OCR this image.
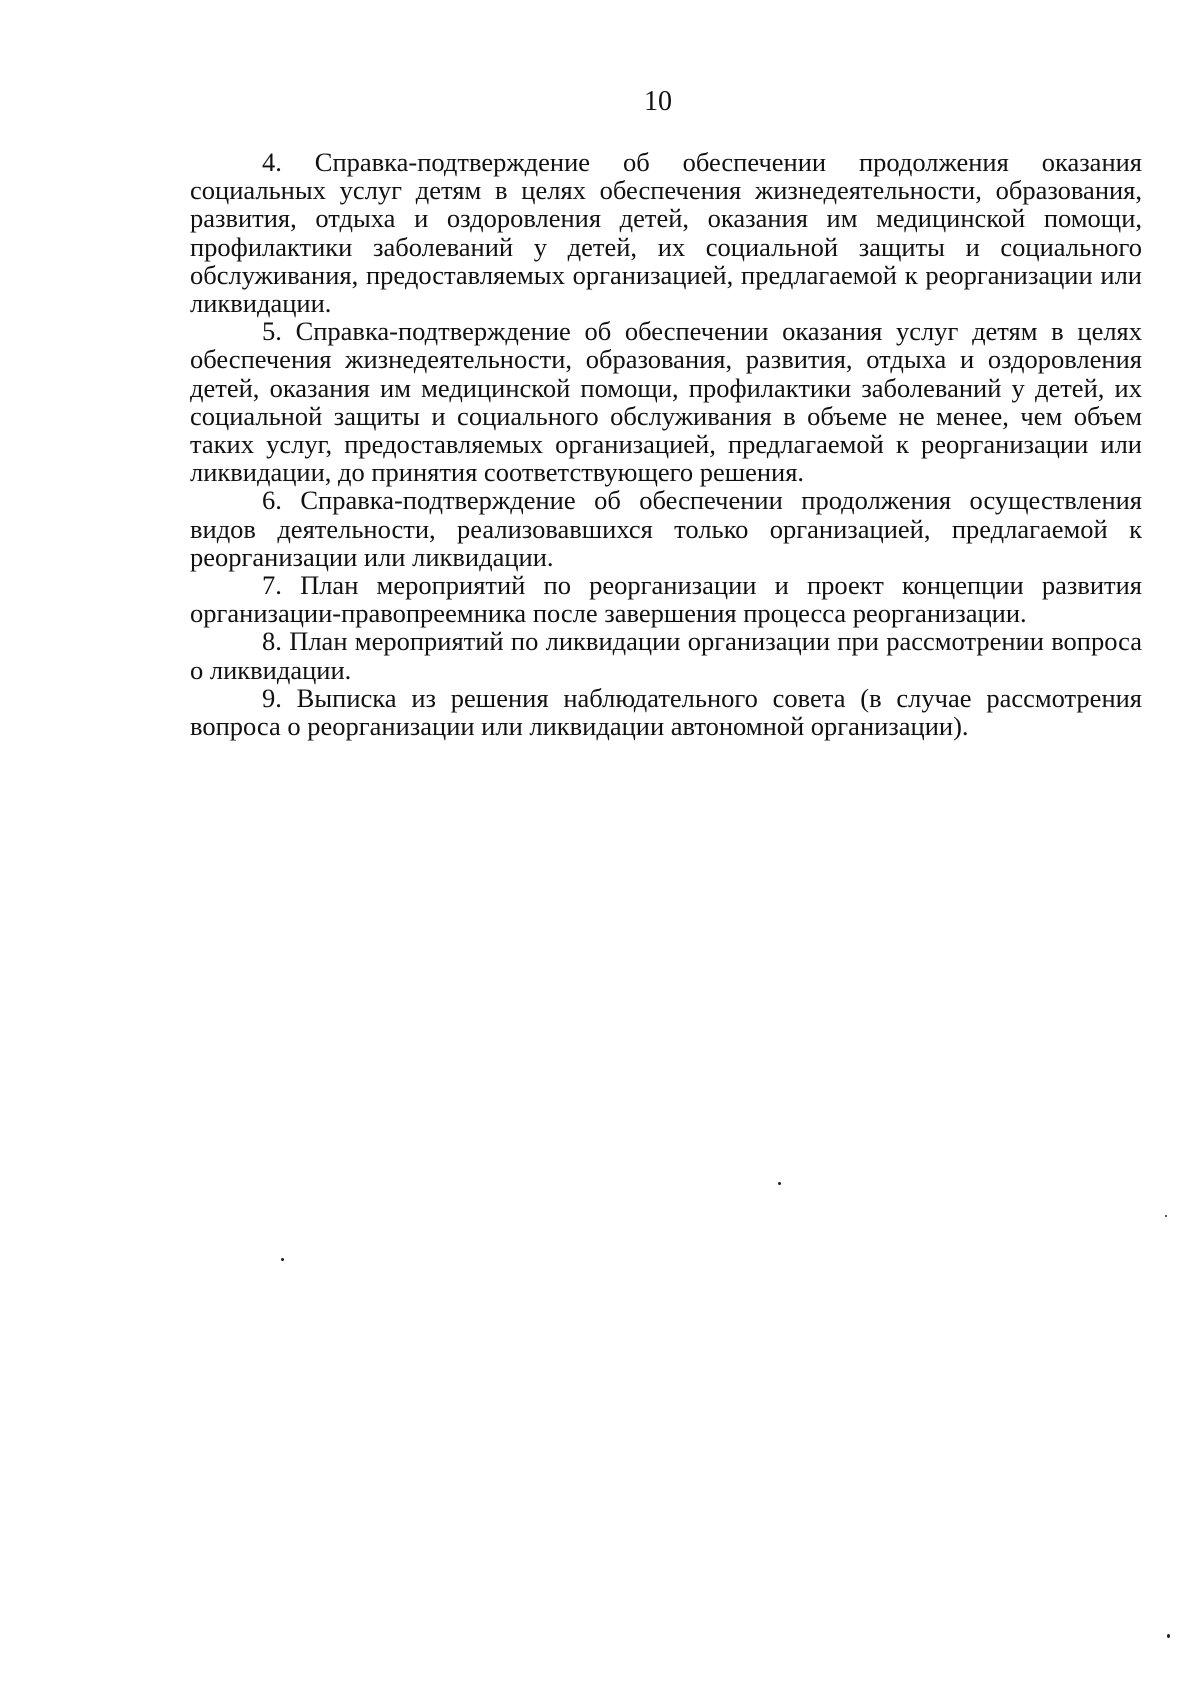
10

4. Справка-подтверждение об обеспечении продолжения оказания социальных услуг детям в целях обеспечения жизнедеятельности, образования, развития, отдыха и оздоровления детей, оказания им медицинской помощи, профилактики заболеваний у детей, их социальной защиты и социального обслуживания, предоставляемых организацией, предлагаемой к реорганизации или ликвидации.

5. Справка-подтверждение об обеспечении оказания услуг детям в целях обеспечения жизнедеятельности, образования, развития, отдыха и оздоровления детей, оказания им медицинской помощи, профилактики заболеваний у детей, их социальной защиты и социального обслуживания в объеме не менее, чем объем таких услуг, предоставляемых организацией, предлагаемой к реорганизации или ликвидации, до принятия соответствующего решения.

6. Справка-подтверждение об обеспечении продолжения осуществления видов деятельности, реализовавшихся только организацией, предлагаемой к реорганизации или ликвидации.

7. План мероприятий по реорганизации и проект концепции развития организации-правопреемника после завершения процесса реорганизации.

8. План мероприятий по ликвидации организации при рассмотрении вопроса о ликвидации.

9. Выписка из решения наблюдательного совета (в случае рассмотрения вопроса о реорганизации или ликвидации автономной организации).
